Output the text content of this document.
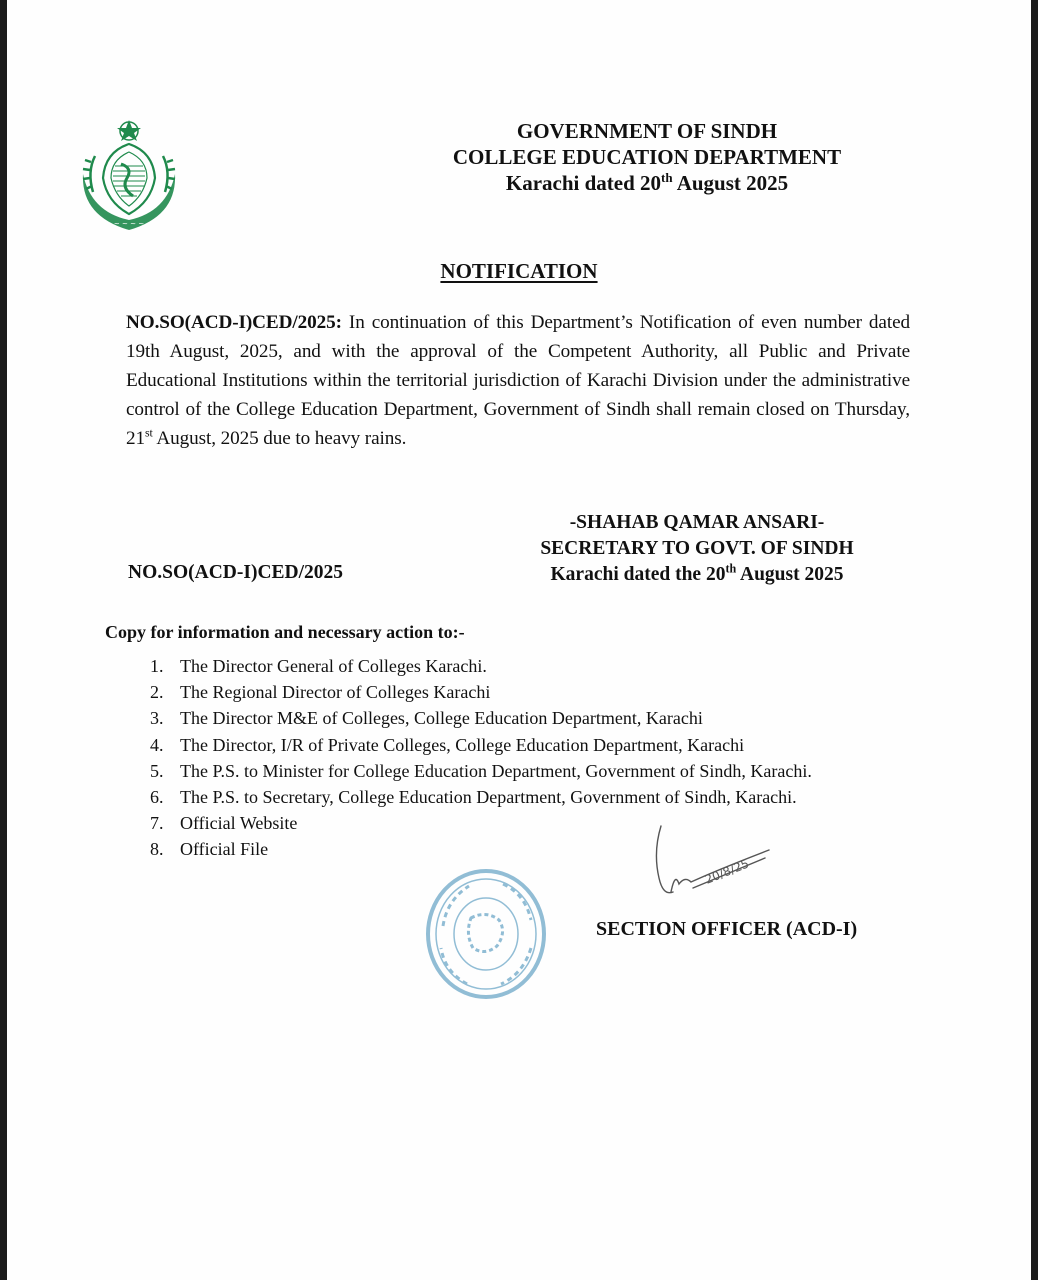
~ ~ ~ ~
GOVERNMENT OF SINDH
COLLEGE EDUCATION DEPARTMENT
Karachi dated 20th August 2025
NOTIFICATION
NO.SO(ACD-I)CED/2025: In continuation of this Department’s Notification of even number dated 19th August, 2025, and with the approval of the Competent Authority, all Public and Private Educational Institutions within the territorial jurisdiction of Karachi Division under the administrative control of the College Education Department, Government of Sindh shall remain closed on Thursday, 21st August, 2025 due to heavy rains.
-SHAHAB QAMAR ANSARI-
SECRETARY TO GOVT. OF SINDH
Karachi dated the 20th August 2025
NO.SO(ACD-I)CED/2025
Copy for information and necessary action to:-
1. The Director General of Colleges Karachi.
2. The Regional Director of Colleges Karachi
3. The Director M&E of Colleges, College Education Department, Karachi
4. The Director, I/R of Private Colleges, College Education Department, Karachi
5. The P.S. to Minister for College Education Department, Government of Sindh, Karachi.
6. The P.S. to Secretary, College Education Department, Government of Sindh, Karachi.
7. Official Website
8. Official File
20/8/25
SECTION OFFICER (ACD-I)
